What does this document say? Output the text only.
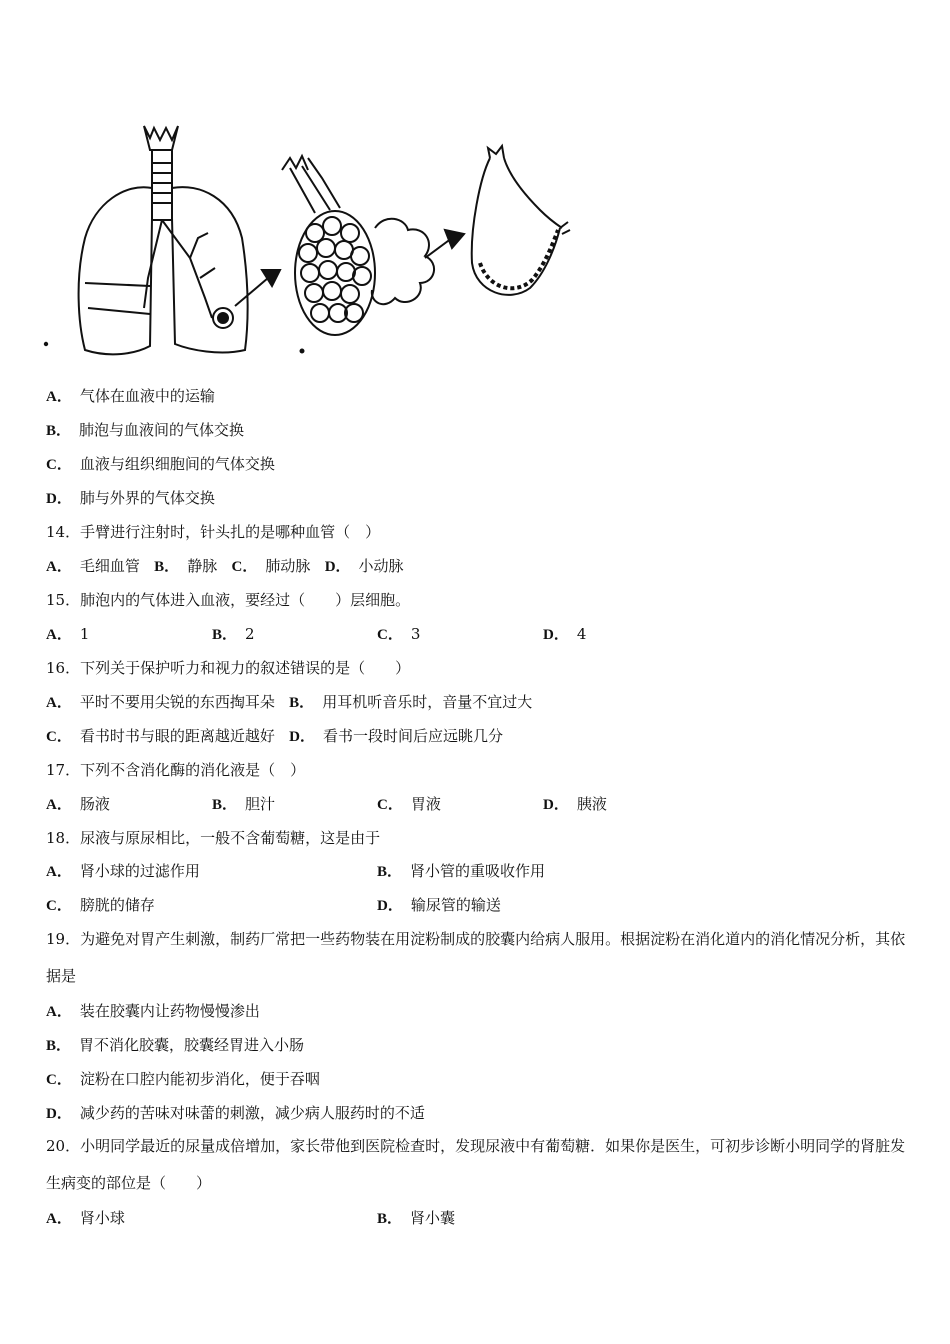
A． 气体在血液中的运输
B． 肺泡与血液间的气体交换
C． 血液与组织细胞间的气体交换
D． 肺与外界的气体交换
14．手臂进行注射时，针头扎的是哪种血管（　）
A． 毛细血管 B． 静脉 C． 肺动脉 D． 小动脉
15．肺泡内的气体进入血液，要经过（　　）层细胞。
A． 1	B． 2	C． 3	D． 4
16．下列关于保护听力和视力的叙述错误的是（　　）
A． 平时不要用尖锐的东西掏耳朵 B． 用耳机听音乐时，音量不宜过大
C． 看书时书与眼的距离越近越好 D． 看书一段时间后应远眺几分
17．下列不含消化酶的消化液是（　）
A． 肠液	B． 胆汁	C． 胃液	D． 胰液
18．尿液与原尿相比，一般不含葡萄糖，这是由于
A． 肾小球的过滤作用	B． 肾小管的重吸收作用
C． 膀胱的储存	D． 输尿管的输送
19．为避免对胃产生刺激，制药厂常把一些药物装在用淀粉制成的胶囊内给病人服用。根据淀粉在消化道内的消化情况分析，其依据是
A． 装在胶囊内让药物慢慢渗出
B． 胃不消化胶囊，胶囊经胃进入小肠
C． 淀粉在口腔内能初步消化，便于吞咽
D． 减少药的苦味对味蕾的刺激，减少病人服药时的不适
20．小明同学最近的尿量成倍增加，家长带他到医院检查时，发现尿液中有葡萄糖．如果你是医生，可初步诊断小明同学的肾脏发生病变的部位是（　　）
A． 肾小球	B． 肾小囊
